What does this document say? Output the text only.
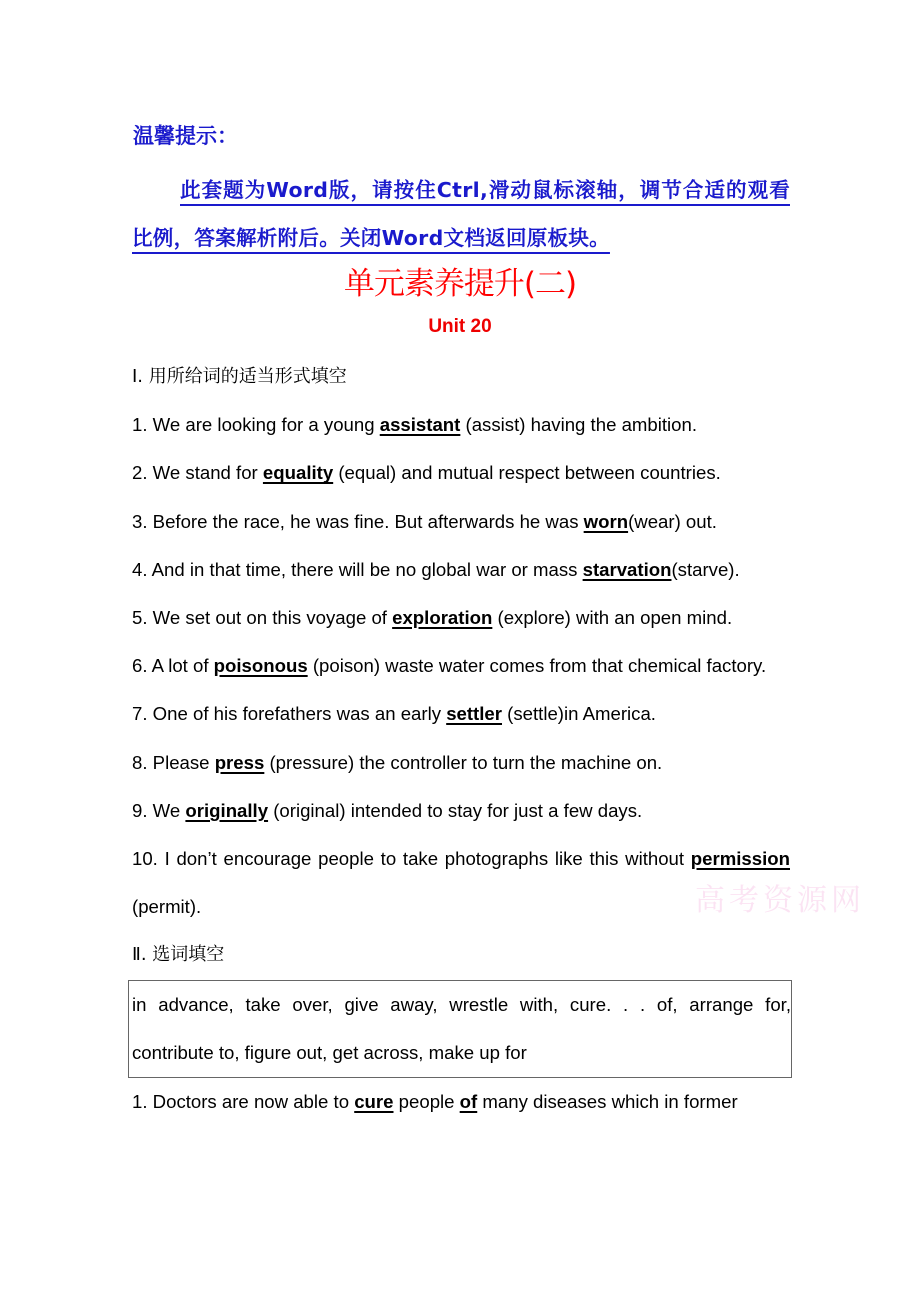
温馨提示：
此套题为Word版，请按住Ctrl,滑动鼠标滚轴，调节合适的观看比例，答案解析附后。关闭Word文档返回原板块。
单元素养提升(二)
Unit 20
高考资源网

Ⅰ. 用所给词的适当形式填空

1. We are looking for a young assistant (assist) having the ambition.

2. We stand for equality (equal) and mutual respect between countries.

3. Before the race, he was fine. But afterwards he was worn(wear) out.

4. And in that time, there will be no global war or mass starvation(starve).

5. We set out on this voyage of exploration (explore) with an open mind.

6. A lot of poisonous (poison) waste water comes from that chemical factory.

7. One of his forefathers was an early settler (settle)in America.

8. Please press (pressure) the controller to turn the machine on.

9. We originally (original) intended to stay for just a few days.

10. I don’t encourage people to take photographs like this without permission (permit).

Ⅱ. 选词填空

in advance, take over, give away, wrestle with, cure. . . of, arrange for, contribute to, figure out, get across, make up for

1. Doctors are now able to cure people of many diseases which in former
